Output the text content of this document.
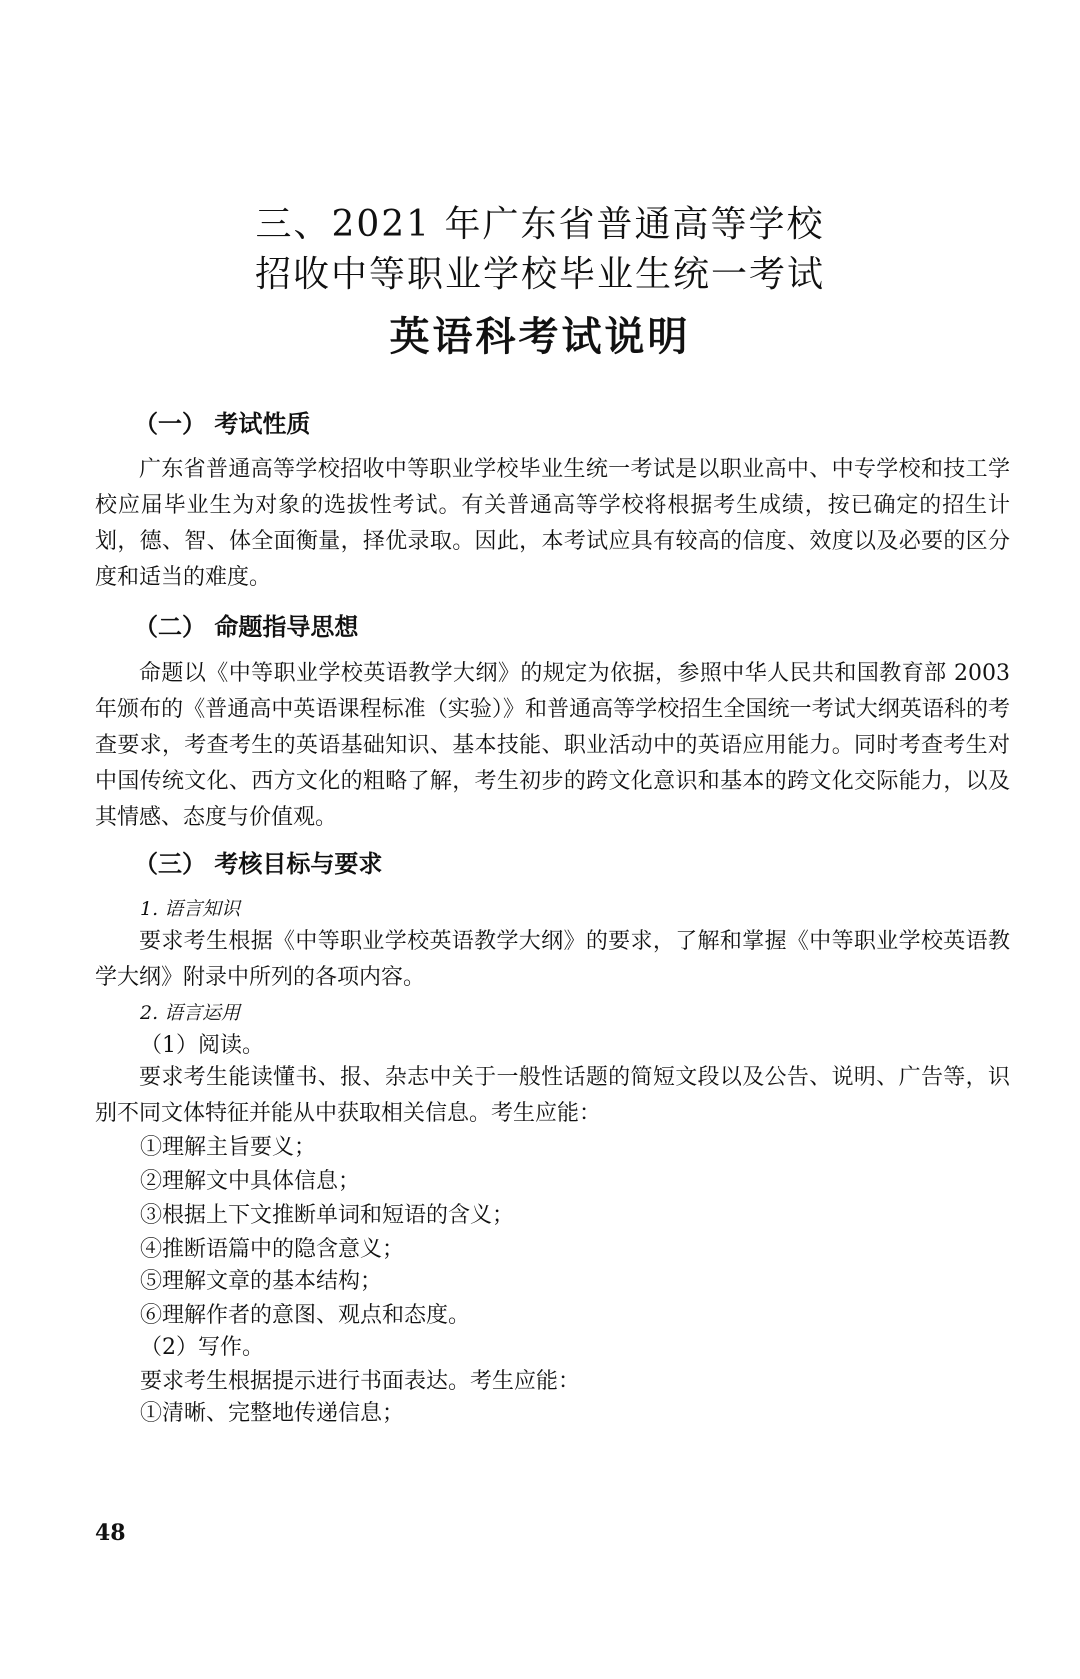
三、2021 年广东省普通高等学校
招收中等职业学校毕业生统一考试
英语科考试说明
（一） 考试性质
广东省普通高等学校招收中等职业学校毕业生统一考试是以职业高中、中专学校和技工学校应届毕业生为对象的选拔性考试。有关普通高等学校将根据考生成绩，按已确定的招生计划，德、智、体全面衡量，择优录取。因此，本考试应具有较高的信度、效度以及必要的区分度和适当的难度。
（二） 命题指导思想
命题以《中等职业学校英语教学大纲》的规定为依据，参照中华人民共和国教育部 2003 年颁布的《普通高中英语课程标准（实验）》和普通高等学校招生全国统一考试大纲英语科的考查要求，考查考生的英语基础知识、基本技能、职业活动中的英语应用能力。同时考查考生对中国传统文化、西方文化的粗略了解，考生初步的跨文化意识和基本的跨文化交际能力，以及其情感、态度与价值观。
（三） 考核目标与要求
1. 语言知识
要求考生根据《中等职业学校英语教学大纲》的要求，了解和掌握《中等职业学校英语教学大纲》附录中所列的各项内容。
2. 语言运用
（1）阅读。
要求考生能读懂书、报、杂志中关于一般性话题的简短文段以及公告、说明、广告等，识别不同文体特征并能从中获取相关信息。考生应能：
①理解主旨要义；
②理解文中具体信息；
③根据上下文推断单词和短语的含义；
④推断语篇中的隐含意义；
⑤理解文章的基本结构；
⑥理解作者的意图、观点和态度。
（2）写作。
要求考生根据提示进行书面表达。考生应能：
①清晰、完整地传递信息；
48
